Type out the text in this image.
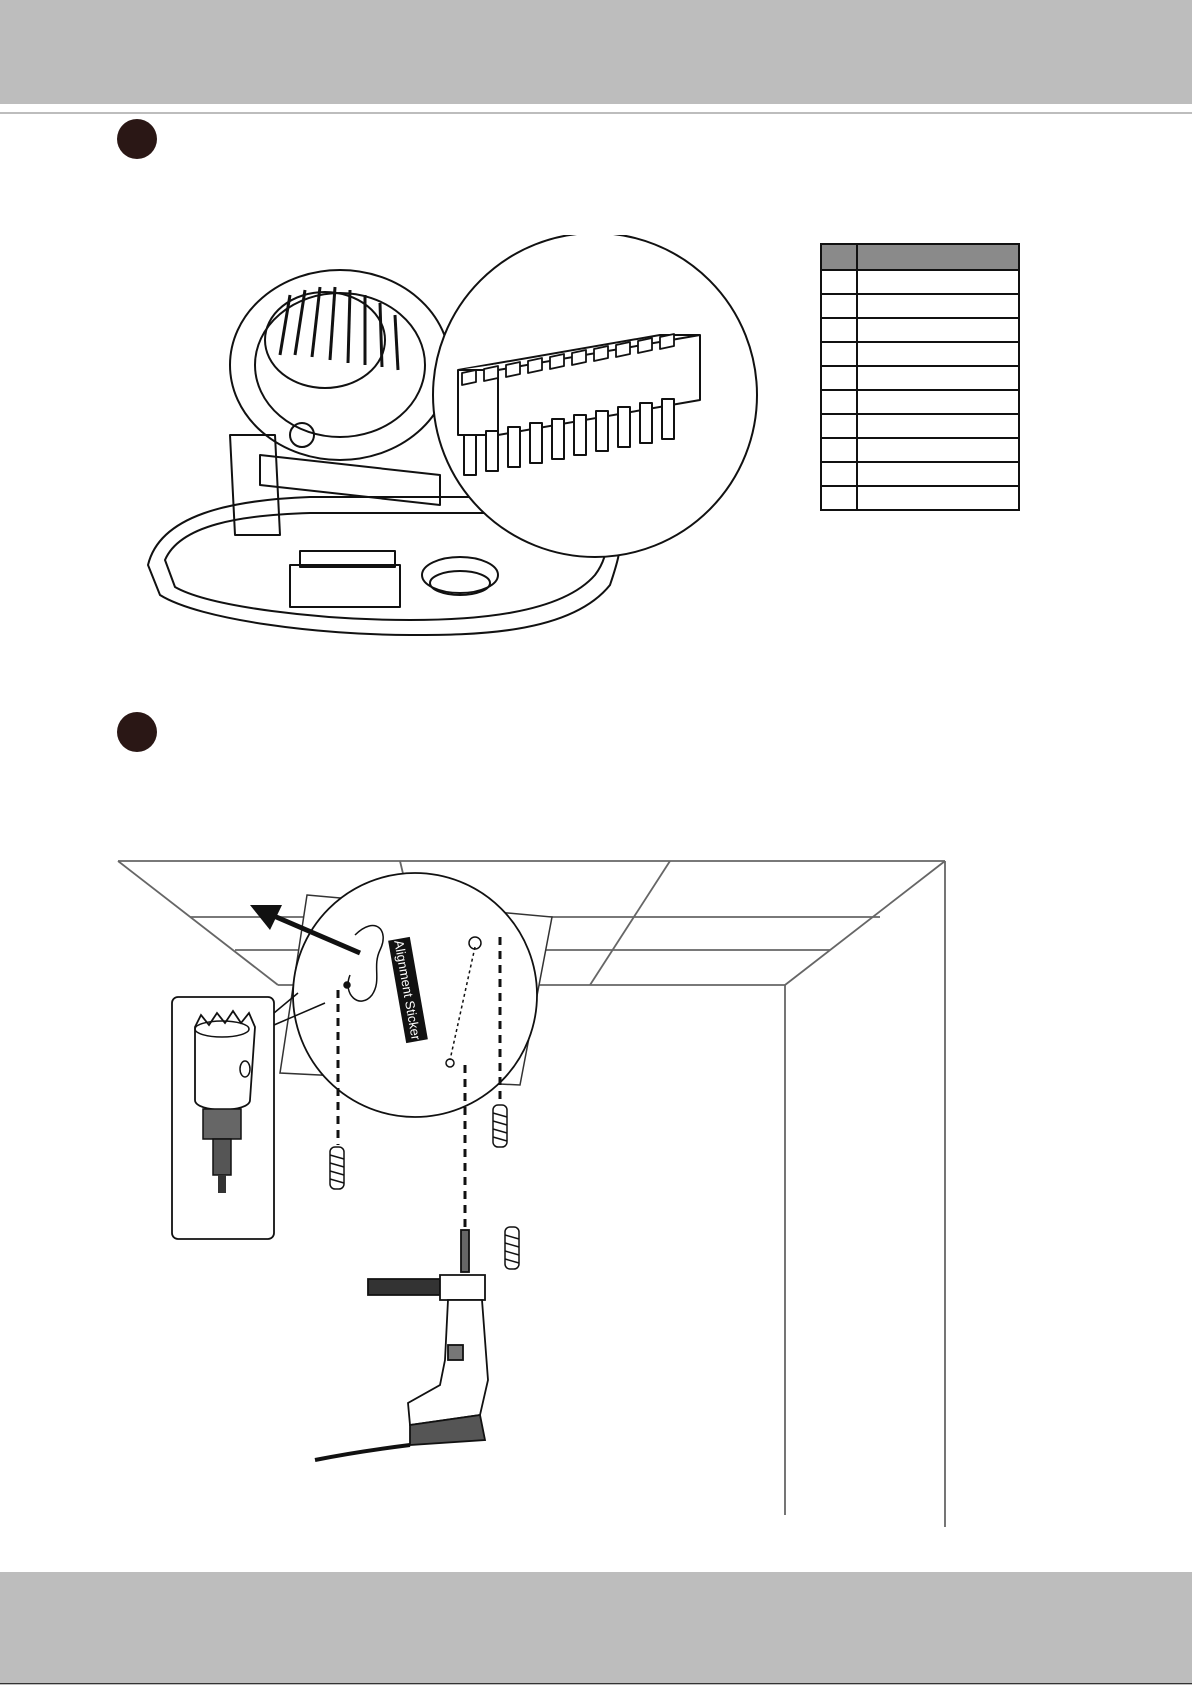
Alignment Sticker
